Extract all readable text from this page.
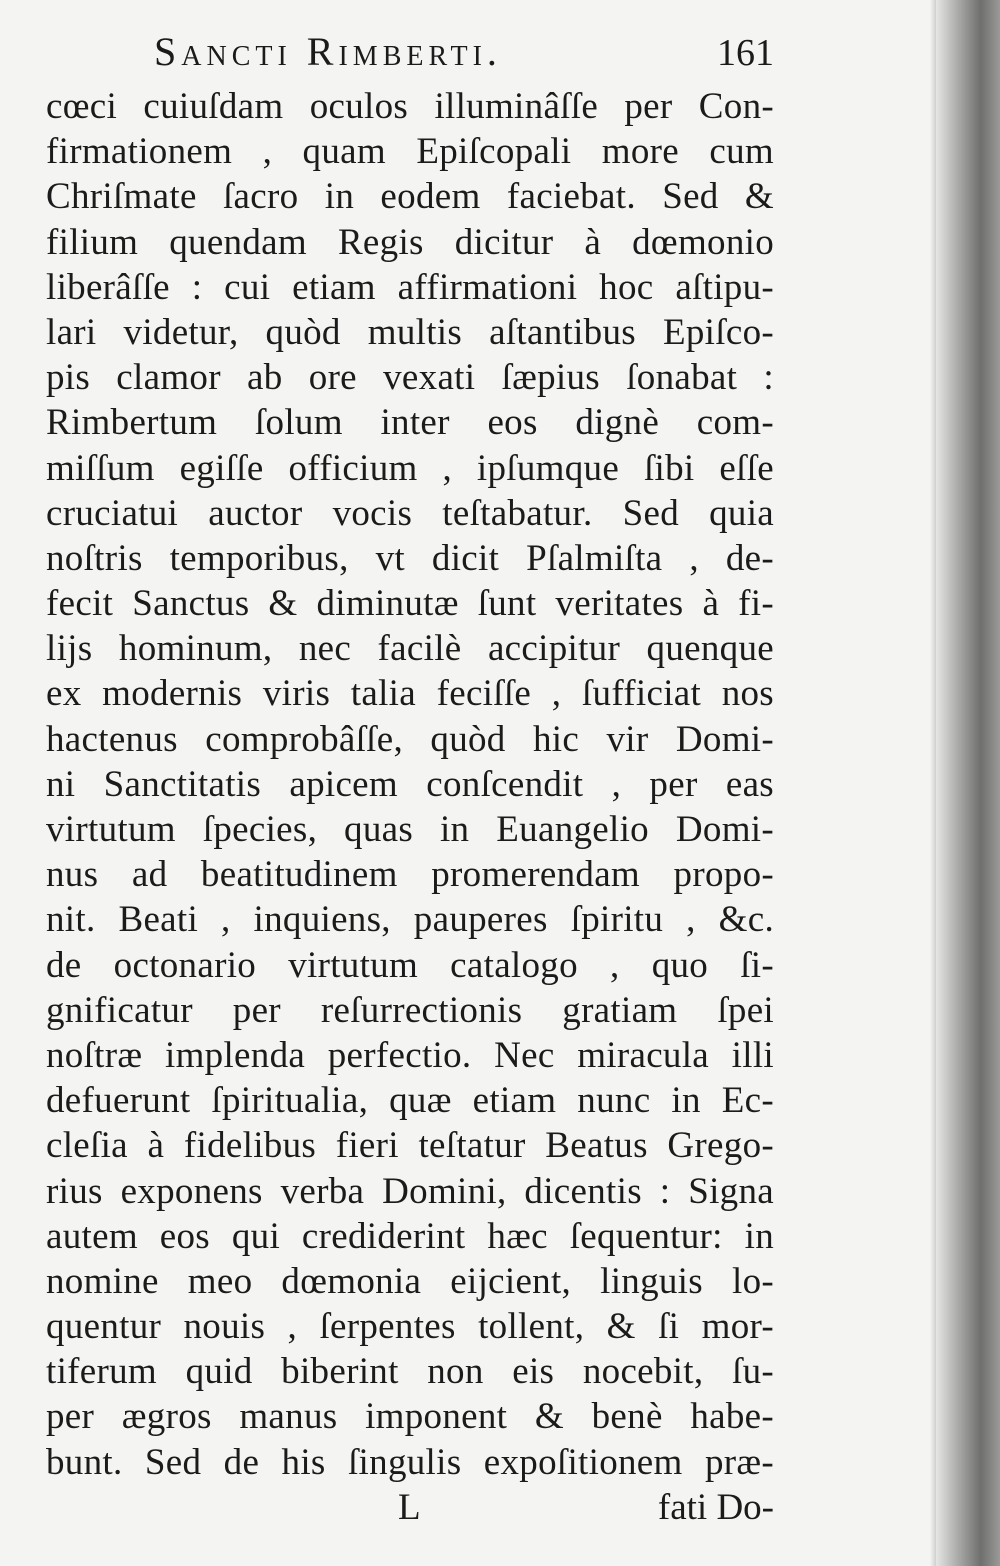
Sancti Rimberti.	161
cœci cuiuſdam oculos illuminâſſe per Con-
firmationem , quam Epiſcopali more cum
Chriſmate ſacro in eodem faciebat. Sed &
filium quendam Regis dicitur à dœmonio
liberâſſe : cui etiam affirmationi hoc aſtipu-
lari videtur, quòd multis aſtantibus Epiſco-
pis clamor ab ore vexati ſæpius ſonabat :
Rimbertum ſolum inter eos dignè com-
miſſum egiſſe officium , ipſumque ſibi eſſe
cruciatui auctor vocis teſtabatur. Sed quia
noſtris temporibus, vt dicit Pſalmiſta , de-
fecit Sanctus & diminutæ ſunt veritates à fi-
lijs hominum, nec facilè accipitur quenque
ex modernis viris talia feciſſe , ſufficiat nos
hactenus comprobâſſe, quòd hic vir Domi-
ni Sanctitatis apicem conſcendit , per eas
virtutum ſpecies, quas in Euangelio Domi-
nus ad beatitudinem promerendam propo-
nit. Beati , inquiens, pauperes ſpiritu , &c.
de octonario virtutum catalogo , quo ſi-
gnificatur per reſurrectionis gratiam ſpei
noſtræ implenda perfectio. Nec miracula illi
defuerunt ſpiritualia, quæ etiam nunc in Ec-
cleſia à fidelibus fieri teſtatur Beatus Grego-
rius exponens verba Domini, dicentis : Signa
autem eos qui crediderint hæc ſequentur: in
nomine meo dœmonia eijcient, linguis lo-
quentur nouis , ſerpentes tollent, & ſi mor-
tiferum quid biberint non eis nocebit, ſu-
per ægros manus imponent & benè habe-
bunt. Sed de his ſingulis expoſitionem præ-
L	fati Do-
